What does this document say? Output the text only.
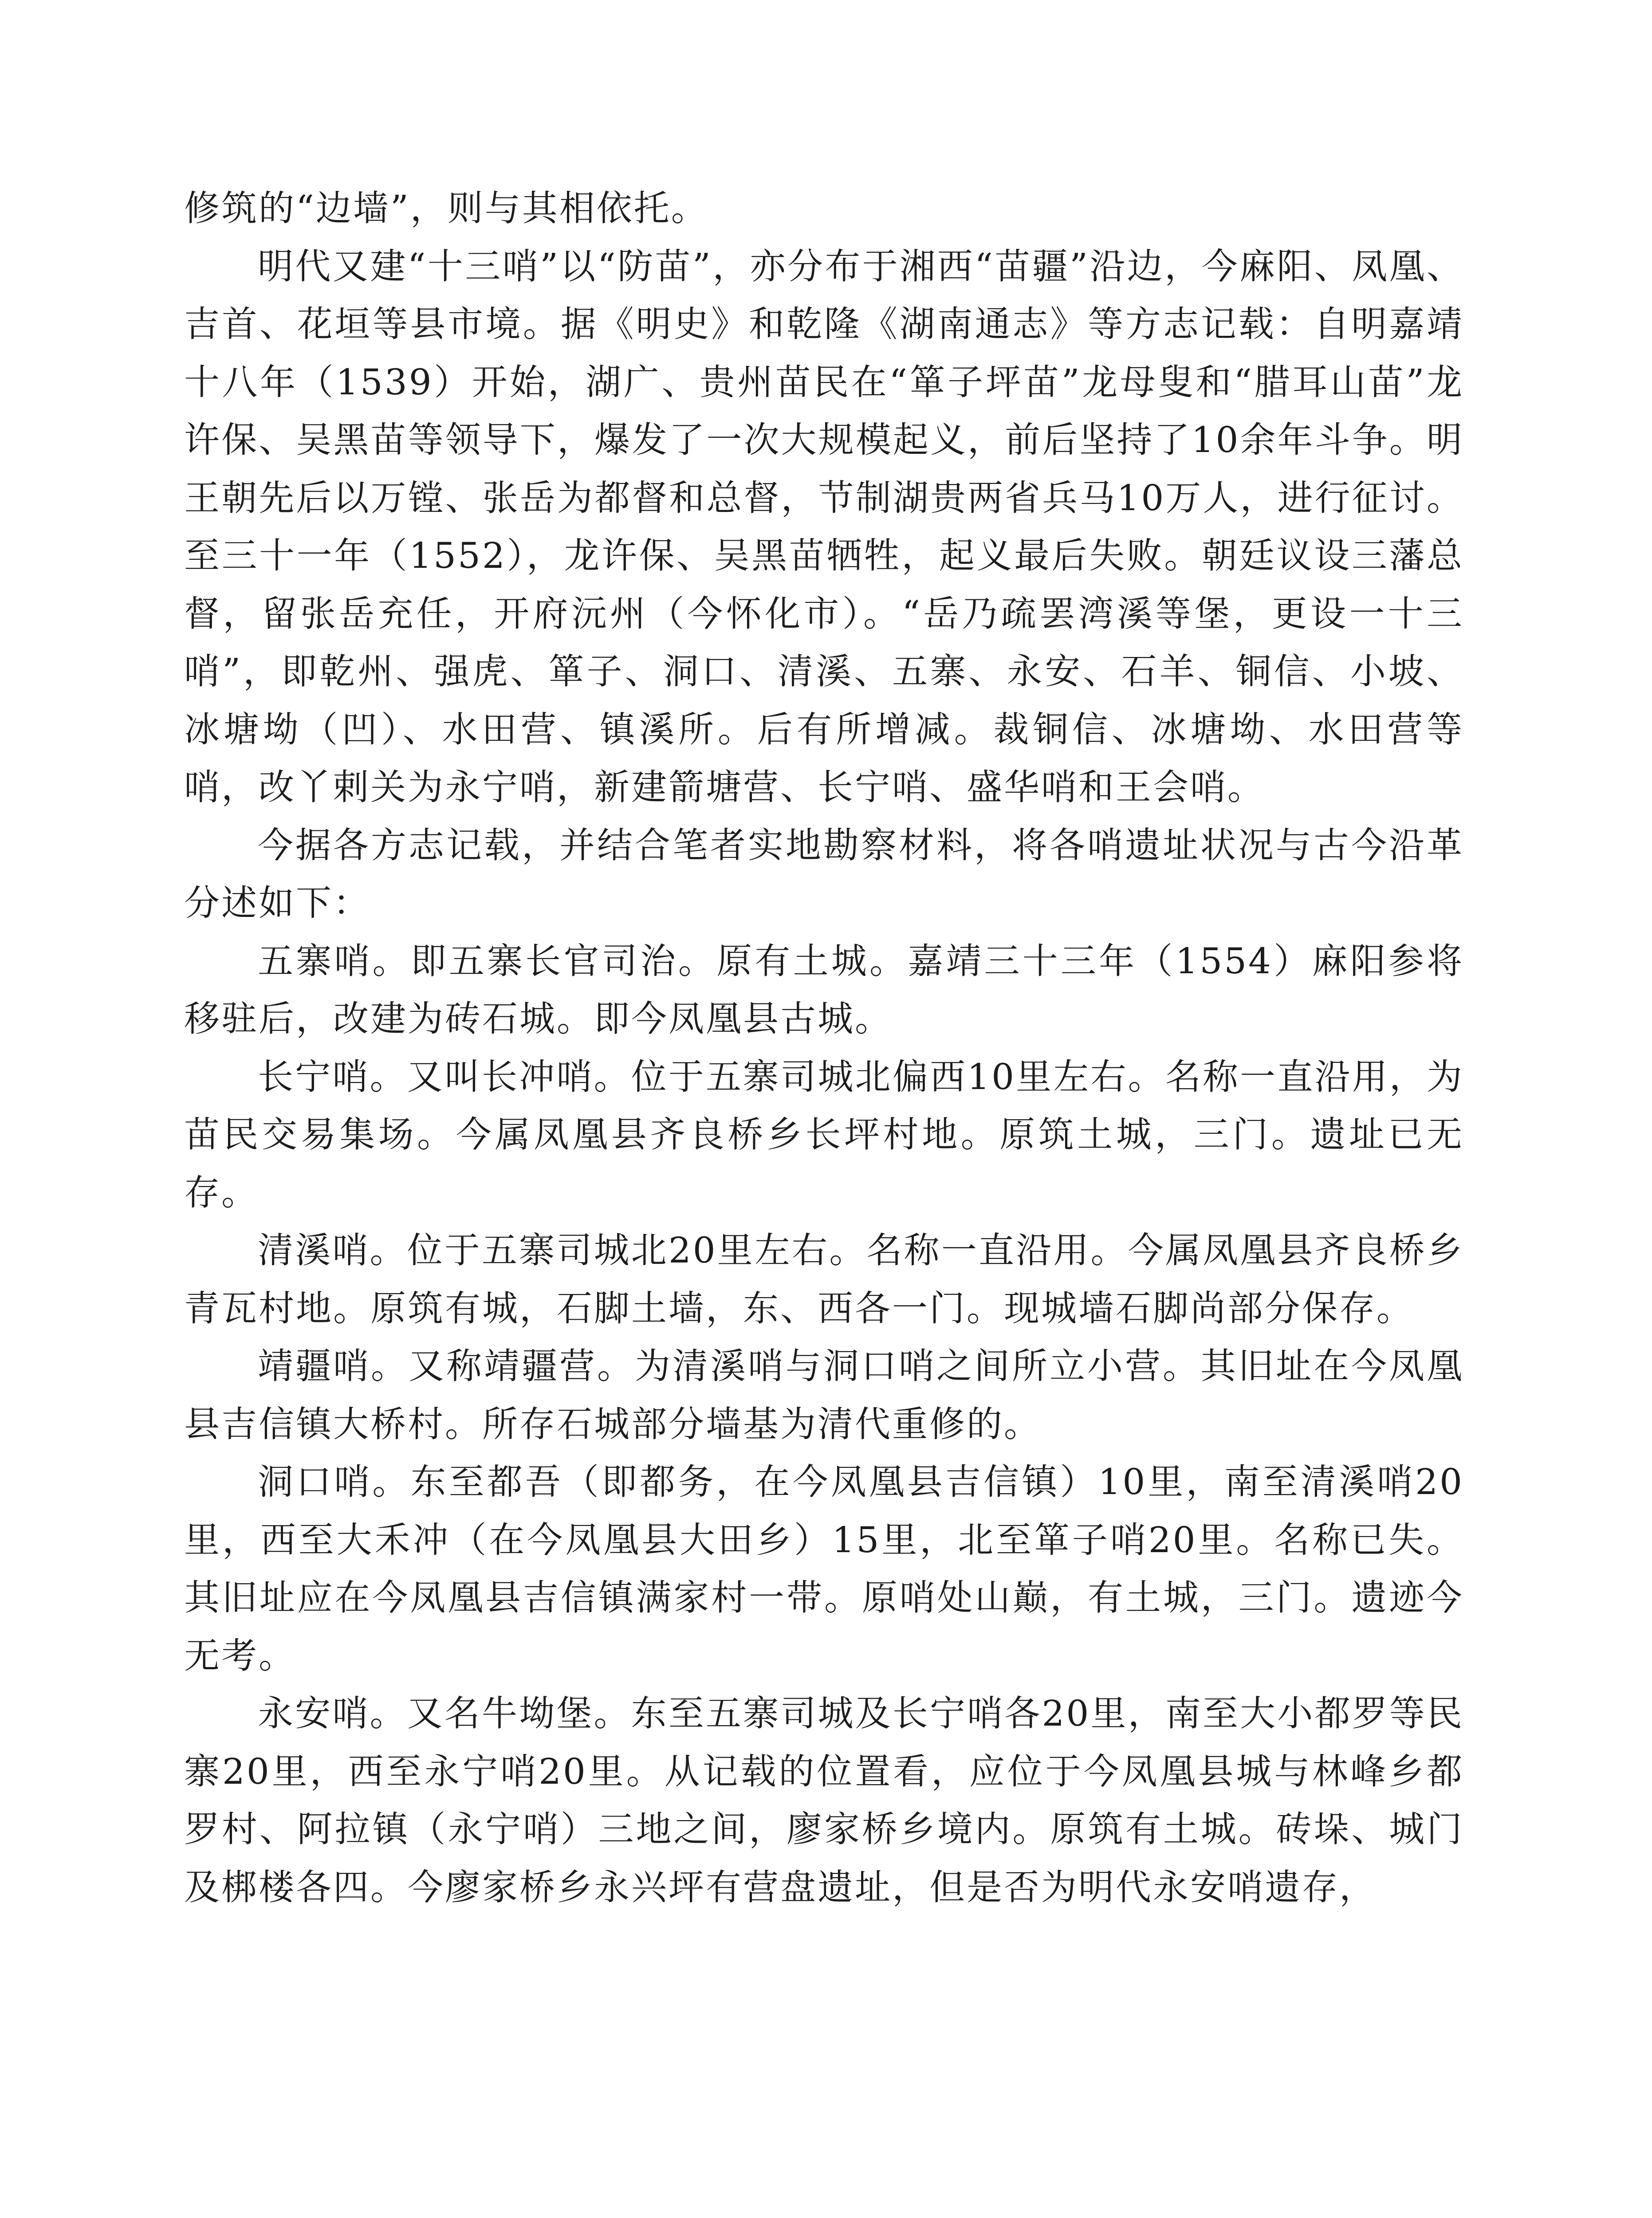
修筑的“边墙”，则与其相依托。

明代又建“十三哨”以“防苗”，亦分布于湘西“苗疆”沿边，今麻阳、凤凰、吉首、花垣等县市境。据《明史》和乾隆《湖南通志》等方志记载：自明嘉靖十八年（1539）开始，湖广、贵州苗民在“箪子坪苗”龙母叟和“腊耳山苗”龙许保、吴黑苗等领导下，爆发了一次大规模起义，前后坚持了10余年斗争。明王朝先后以万镗、张岳为都督和总督，节制湖贵两省兵马10万人，进行征讨。至三十一年（1552），龙许保、吴黑苗牺牲，起义最后失败。朝廷议设三藩总督，留张岳充任，开府沅州（今怀化市）。“岳乃疏罢湾溪等堡，更设一十三哨”，即乾州、强虎、箪子、洞口、清溪、五寨、永安、石羊、铜信、小坡、冰塘坳（凹）、水田营、镇溪所。后有所增减。裁铜信、冰塘坳、水田营等哨，改丫剌关为永宁哨，新建箭塘营、长宁哨、盛华哨和王会哨。

今据各方志记载，并结合笔者实地勘察材料，将各哨遗址状况与古今沿革分述如下：

五寨哨。即五寨长官司治。原有土城。嘉靖三十三年（1554）麻阳参将移驻后，改建为砖石城。即今凤凰县古城。

长宁哨。又叫长冲哨。位于五寨司城北偏西10里左右。名称一直沿用，为苗民交易集场。今属凤凰县齐良桥乡长坪村地。原筑土城，三门。遗址已无存。

清溪哨。位于五寨司城北20里左右。名称一直沿用。今属凤凰县齐良桥乡青瓦村地。原筑有城，石脚土墙，东、西各一门。现城墙石脚尚部分保存。

靖疆哨。又称靖疆营。为清溪哨与洞口哨之间所立小营。其旧址在今凤凰县吉信镇大桥村。所存石城部分墙基为清代重修的。

洞口哨。东至都吾（即都务，在今凤凰县吉信镇）10里，南至清溪哨20里，西至大禾冲（在今凤凰县大田乡）15里，北至箪子哨20里。名称已失。其旧址应在今凤凰县吉信镇满家村一带。原哨处山巅，有土城，三门。遗迹今无考。

永安哨。又名牛坳堡。东至五寨司城及长宁哨各20里，南至大小都罗等民寨20里，西至永宁哨20里。从记载的位置看，应位于今凤凰县城与林峰乡都罗村、阿拉镇（永宁哨）三地之间，廖家桥乡境内。原筑有土城。砖垛、城门及梆楼各四。今廖家桥乡永兴坪有营盘遗址，但是否为明代永安哨遗存，
